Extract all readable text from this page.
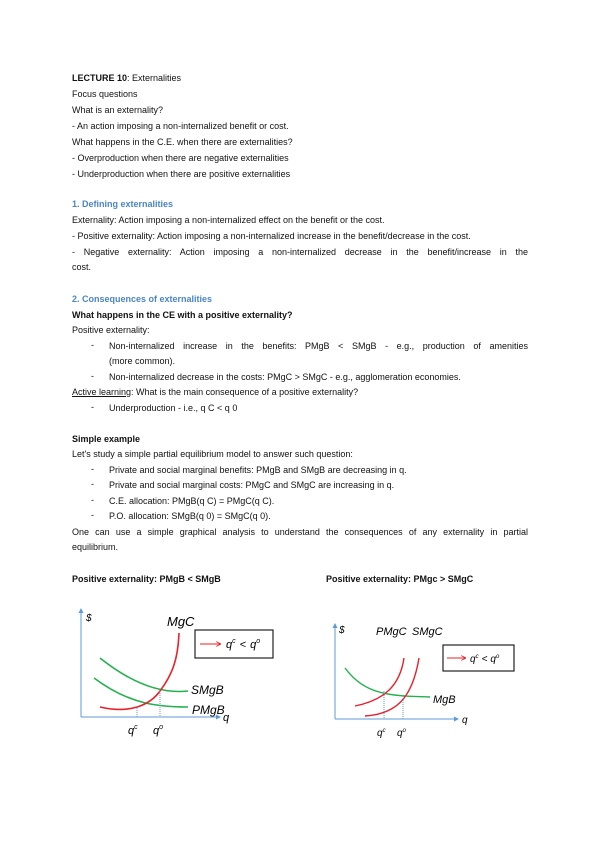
LECTURE 10: Externalities
Focus questions
What is an externality?
- An action imposing a non-internalized benefit or cost.
What happens in the C.E. when there are externalities?
- Overproduction when there are negative externalities
- Underproduction when there are positive externalities
1. Defining externalities
Externality: Action imposing a non-internalized effect on the benefit or the cost.
- Positive externality: Action imposing a non-internalized increase in the benefit/decrease in the cost.
- Negative externality: Action imposing a non-internalized decrease in the benefit/increase in the
cost.
2. Consequences of externalities
What happens in the CE with a positive externality?
Positive externality:
- Non-internalized increase in the benefits: PMgB < SMgB - e.g., production of amenities
(more common).
- Non-internalized decrease in the costs: PMgC > SMgC - e.g., agglomeration economies.
Active learning: What is the main consequence of a positive externality?
- Underproduction - i.e., q C < q 0
Simple example
Let's study a simple partial equilibrium model to answer such question:
- Private and social marginal benefits: PMgB and SMgB are decreasing in q.
- Private and social marginal costs: PMgC and SMgC are increasing in q.
- C.E. allocation: PMgB(q C) = PMgC(q C).
- P.O. allocation: SMgB(q 0) = SMgC(q 0).
One can use a simple graphical analysis to understand the consequences of any externality in partial
equilibrium.
Positive externality: PMgB < SMgB	Positive externality: PMgc > SMgC
$
q
MgC
SMgB
PMgB
$q^c$ $q^o$
$q^c < q^o$
$
q
PMgC SMgC
MgB
$q^c$ $q^o$
$q^c < q^o$
